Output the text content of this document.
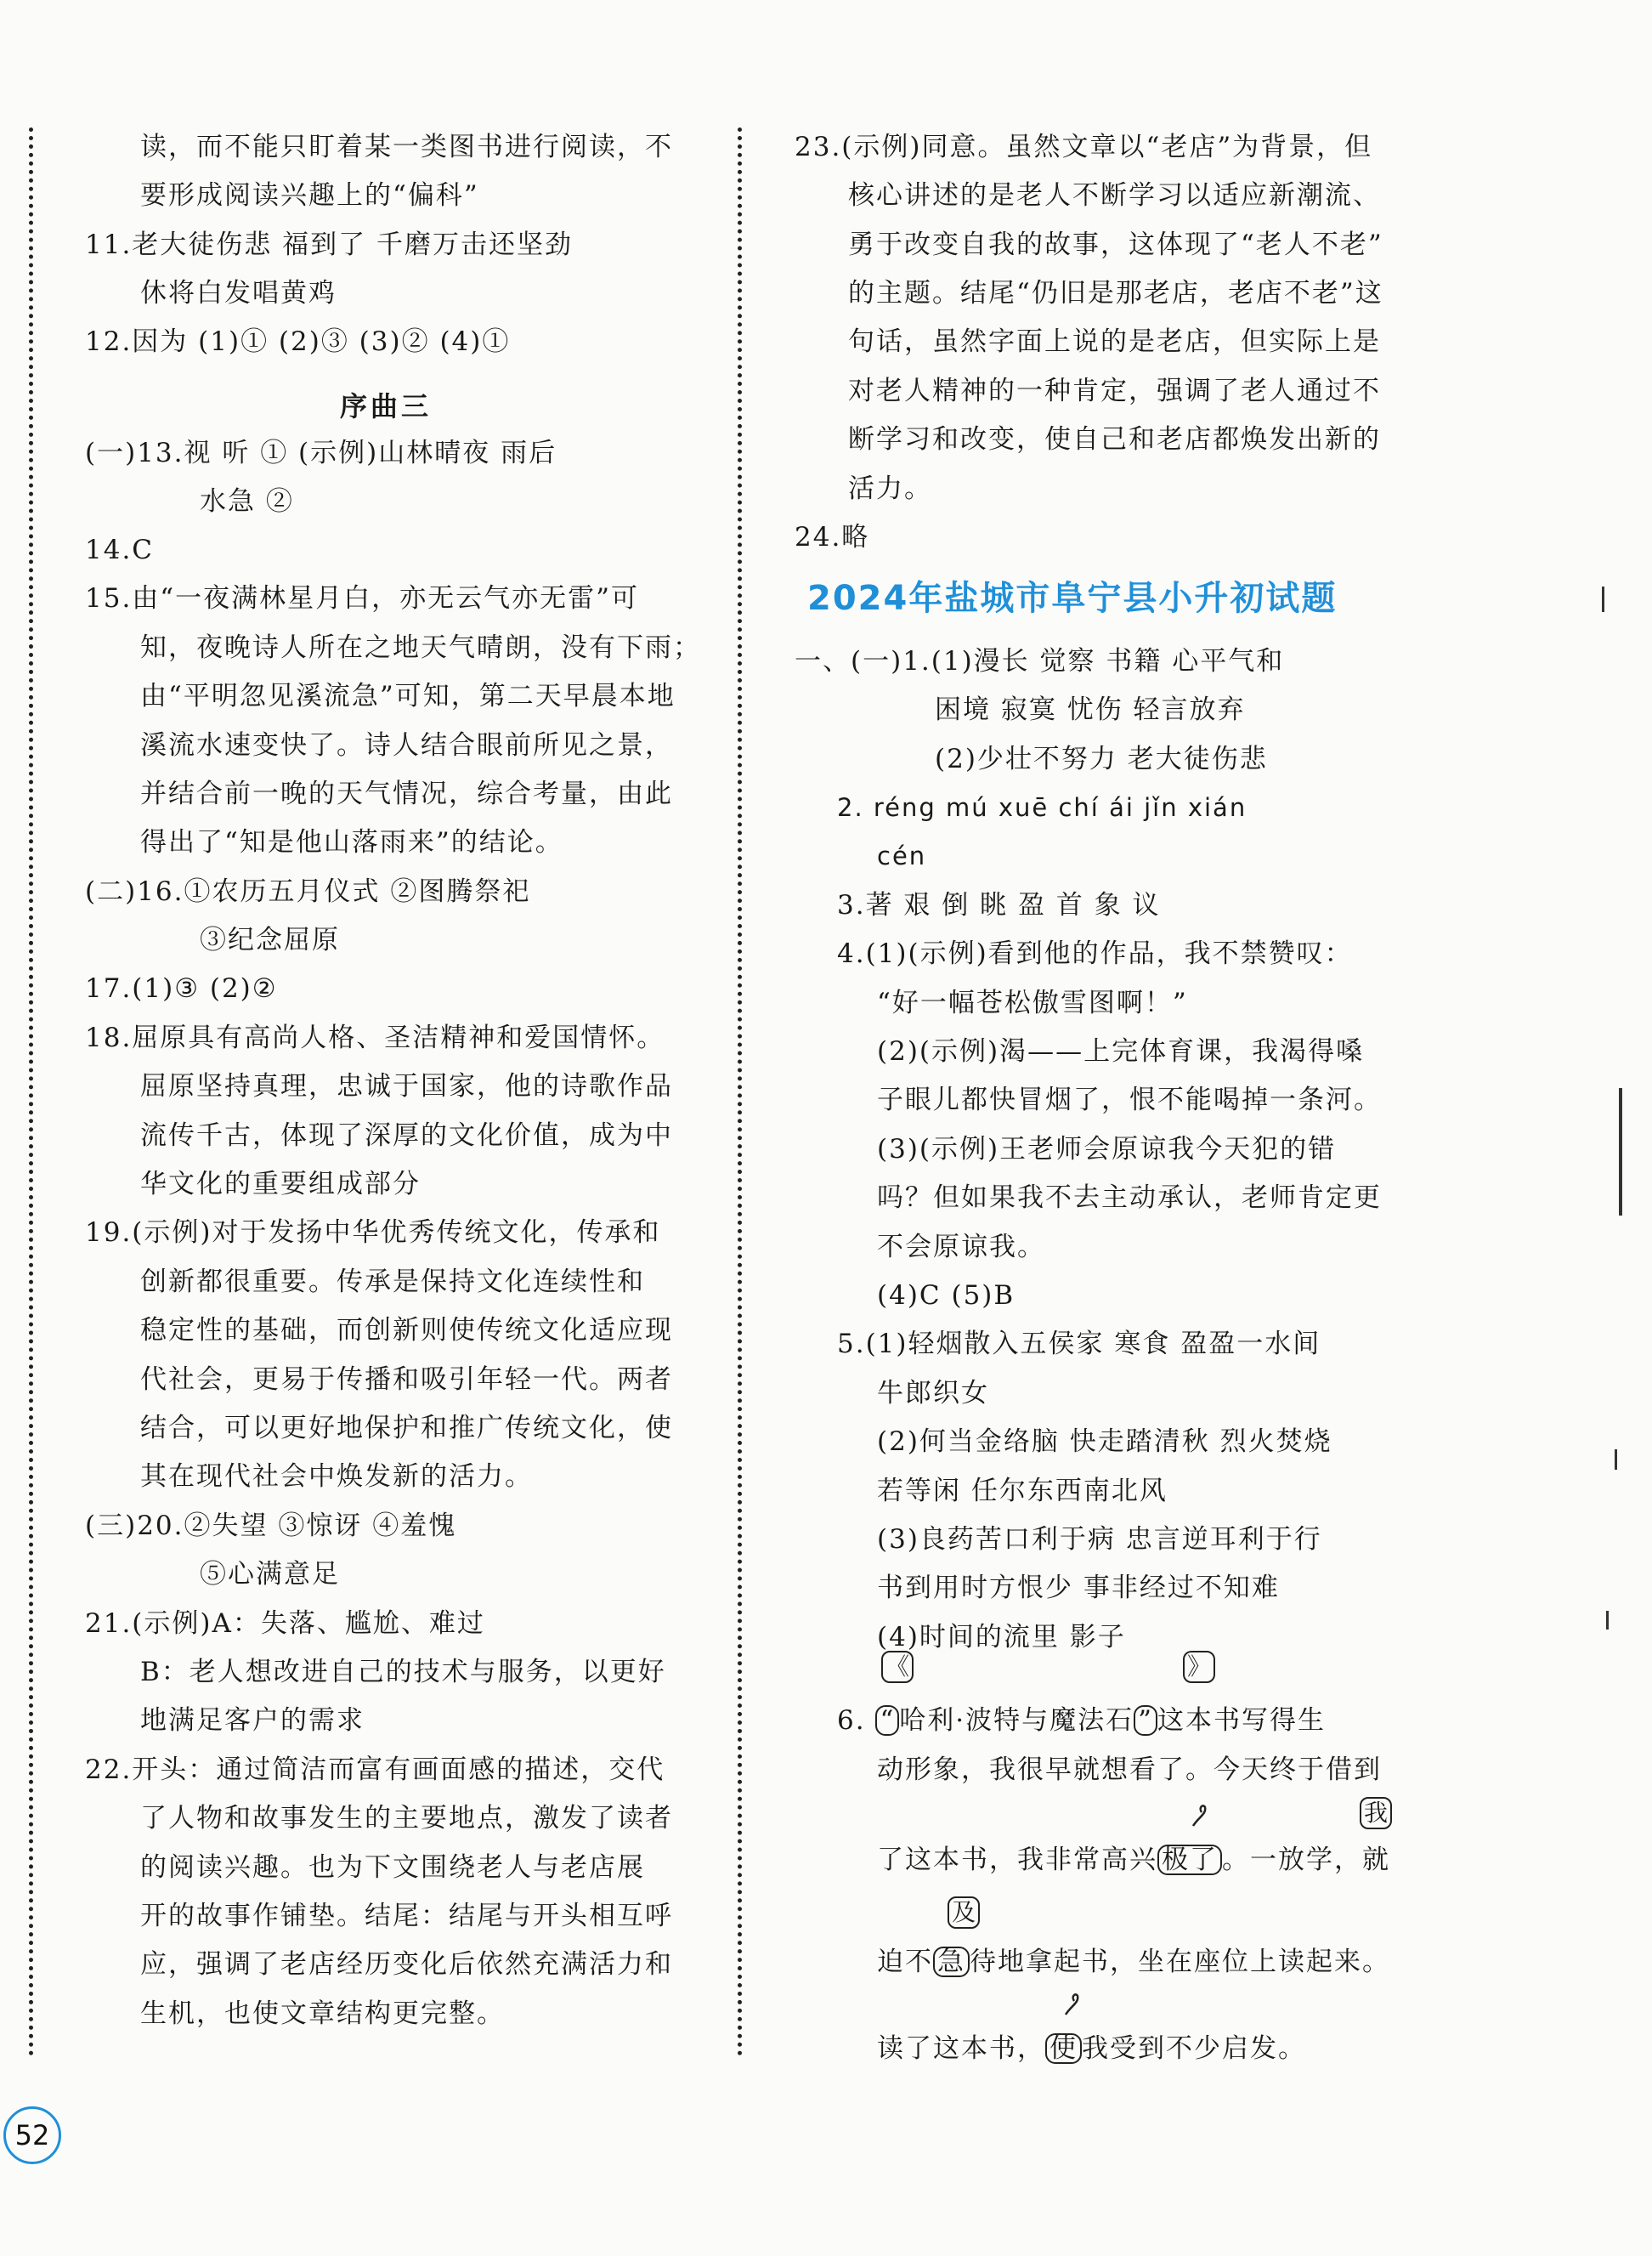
读，而不能只盯着某一类图书进行阅读，不
要形成阅读兴趣上的“偏科”
11.老大徒伤悲 福到了 千磨万击还坚劲
休将白发唱黄鸡
12.因为 (1)① (2)③ (3)② (4)①
序曲三
(一)13.视 听 ① (示例)山林晴夜 雨后
水急 ②
14.C
15.由“一夜满林星月白，亦无云气亦无雷”可
知，夜晚诗人所在之地天气晴朗，没有下雨；
由“平明忽见溪流急”可知，第二天早晨本地
溪流水速变快了。诗人结合眼前所见之景，
并结合前一晚的天气情况，综合考量，由此
得出了“知是他山落雨来”的结论。
(二)16.①农历五月仪式 ②图腾祭祀
③纪念屈原
17.(1)③ (2)②
18.屈原具有高尚人格、圣洁精神和爱国情怀。
屈原坚持真理，忠诚于国家，他的诗歌作品
流传千古，体现了深厚的文化价值，成为中
华文化的重要组成部分
19.(示例)对于发扬中华优秀传统文化，传承和
创新都很重要。传承是保持文化连续性和
稳定性的基础，而创新则使传统文化适应现
代社会，更易于传播和吸引年轻一代。两者
结合，可以更好地保护和推广传统文化，使
其在现代社会中焕发新的活力。
(三)20.②失望 ③惊讶 ④羞愧
⑤心满意足
21.(示例)A：失落、尴尬、难过
B：老人想改进自己的技术与服务，以更好
地满足客户的需求
22.开头：通过简洁而富有画面感的描述，交代
了人物和故事发生的主要地点，激发了读者
的阅读兴趣。也为下文围绕老人与老店展
开的故事作铺垫。结尾：结尾与开头相互呼
应，强调了老店经历变化后依然充满活力和
生机，也使文章结构更完整。
23.(示例)同意。虽然文章以“老店”为背景，但
核心讲述的是老人不断学习以适应新潮流、
勇于改变自我的故事，这体现了“老人不老”
的主题。结尾“仍旧是那老店，老店不老”这
句话，虽然字面上说的是老店，但实际上是
对老人精神的一种肯定，强调了老人通过不
断学习和改变，使自己和老店都焕发出新的
活力。
24.略
2024年盐城市阜宁县小升初试题
一、(一)1.(1)漫长 觉察 书籍 心平气和
困境 寂寞 忧伤 轻言放弃
(2)少壮不努力 老大徒伤悲
2. réng mú xuē chí ái jǐn xián
cén
3.著 艰 倒 眺 盈 首 象 议
4.(1)(示例)看到他的作品，我不禁赞叹：
“好一幅苍松傲雪图啊！”
(2)(示例)渴——上完体育课，我渴得嗓
子眼儿都快冒烟了，恨不能喝掉一条河。
(3)(示例)王老师会原谅我今天犯的错
吗？但如果我不去主动承认，老师肯定更
不会原谅我。
(4)C (5)B
5.(1)轻烟散入五侯家 寒食 盈盈一水间
牛郎织女
(2)何当金络脑 快走踏清秋 烈火焚烧
若等闲 任尔东西南北风
(3)良药苦口利于病 忠言逆耳利于行
书到用时方恨少 事非经过不知难
(4)时间的流里 影子
《	》
6. “ 哈利·波特与魔法石 ” 这本书写得生
动形象，我很早就想看了。今天终于借到
我
了这本书，我非常高兴 极了 。一放学，就
及
迫不 急 待地拿起书，坐在座位上读起来。
读了这本书， 使 我受到不少启发。
52
